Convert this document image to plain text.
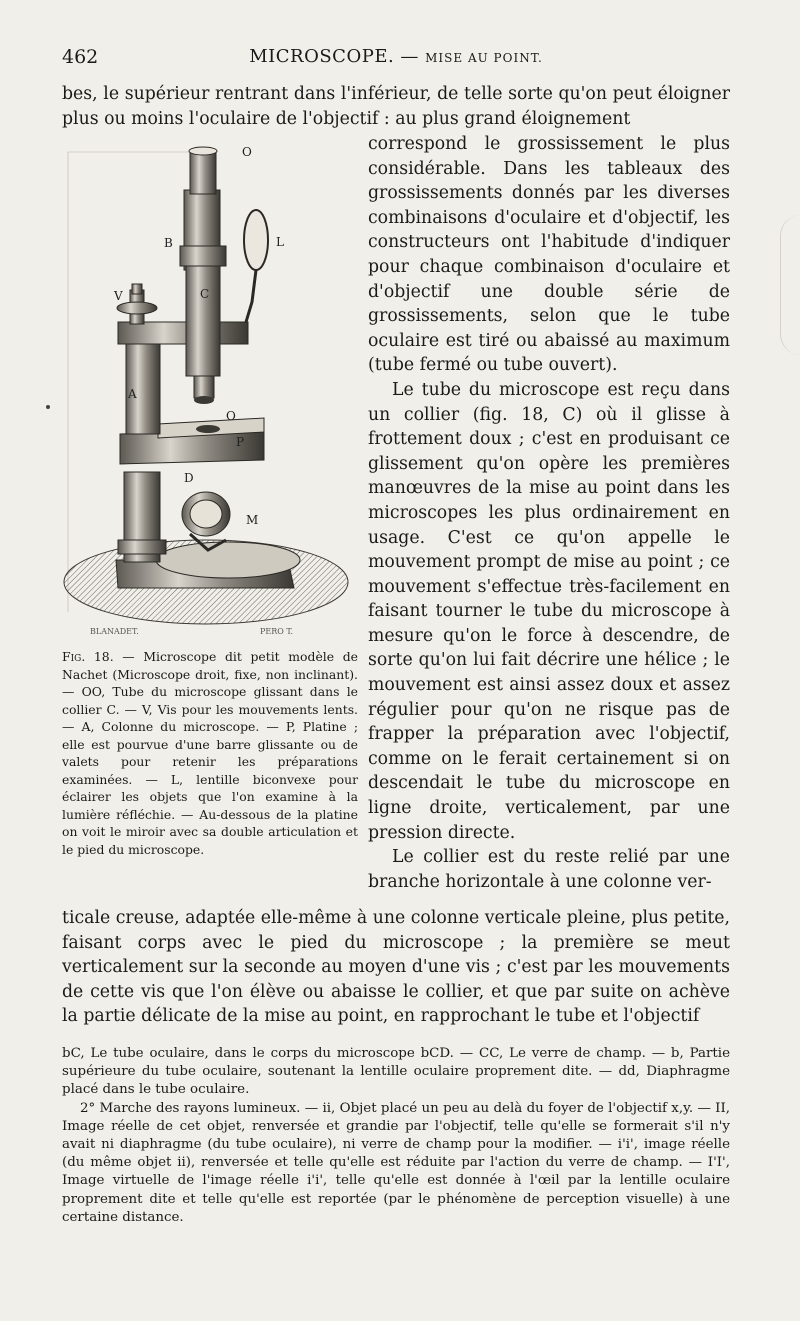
462	MICROSCOPE. — MISE AU POINT.
bes, le supérieur rentrant dans l'inférieur, de telle sorte qu'on peut éloigner plus ou moins l'oculaire de l'objectif : au plus grand éloignement
O
B	L
V	C
A
O
P
D
M
BLANADET.	PERO T.
Fig. 18. — Microscope dit petit modèle de Nachet (Microscope droit, fixe, non inclinant). — OO, Tube du microscope glissant dans le collier C. — V, Vis pour les mouvements lents. — A, Colonne du microscope. — P, Platine ; elle est pourvue d'une barre glissante ou de valets pour retenir les préparations examinées. — L, lentille biconvexe pour éclairer les objets que l'on examine à la lumière réfléchie. — Au-dessous de la platine on voit le miroir avec sa double articulation et le pied du microscope.

correspond le grossissement le plus considérable. Dans les tableaux des grossissements donnés par les diverses combinaisons d'oculaire et d'objectif, les constructeurs ont l'habitude d'indiquer pour chaque combinaison d'oculaire et d'objectif une double série de grossissements, selon que le tube oculaire est tiré ou abaissé au maximum (tube fermé ou tube ouvert).

Le tube du microscope est reçu dans un collier (fig. 18, C) où il glisse à frottement doux ; c'est en produisant ce glissement qu'on opère les premières manœuvres de la mise au point dans les microscopes les plus ordinairement en usage. C'est ce qu'on appelle le mouvement prompt de mise au point ; ce mouvement s'effectue très-facilement en faisant tourner le tube du microscope à mesure qu'on le force à descendre, de sorte qu'on lui fait décrire une hélice ; le mouvement est ainsi assez doux et assez régulier pour qu'on ne risque pas de frapper la préparation avec l'objectif, comme on le ferait certainement si on descendait le tube du microscope en ligne droite, verticalement, par une pression directe.

Le collier est du reste relié par une branche horizontale à une colonne ver-

ticale creuse, adaptée elle-même à une colonne verticale pleine, plus petite, faisant corps avec le pied du microscope ; la première se meut verticalement sur la seconde au moyen d'une vis ; c'est par les mouvements de cette vis que l'on élève ou abaisse le collier, et que par suite on achève la partie délicate de la mise au point, en rapprochant le tube et l'objectif

bC, Le tube oculaire, dans le corps du microscope bCD. — CC, Le verre de champ. — b, Partie supérieure du tube oculaire, soutenant la lentille oculaire proprement dite. — dd, Diaphragme placé dans le tube oculaire.

2° Marche des rayons lumineux. — ii, Objet placé un peu au delà du foyer de l'objectif x,y. — II, Image réelle de cet objet, renversée et grandie par l'objectif, telle qu'elle se formerait s'il n'y avait ni diaphragme (du tube oculaire), ni verre de champ pour la modifier. — i'i', image réelle (du même objet ii), renversée et telle qu'elle est réduite par l'action du verre de champ. — I'I', Image virtuelle de l'image réelle i'i', telle qu'elle est donnée à l'œil par la lentille oculaire proprement dite et telle qu'elle est reportée (par le phénomène de perception visuelle) à une certaine distance.
